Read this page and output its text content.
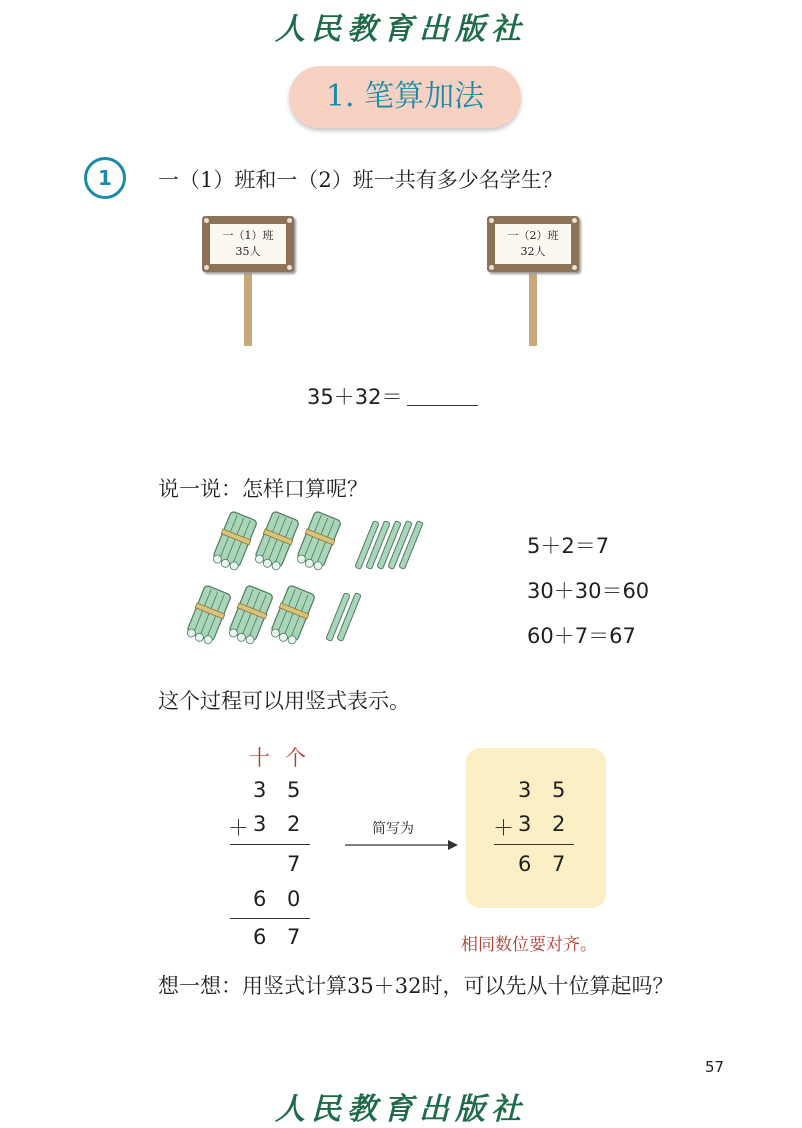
人民教育出版社
1. 笔算加法
1	一（1）班和一（2）班一共有多少名学生？
一（1）班
35人
一（2）班
32人
35＋32＝
说一说：怎样口算呢？
5＋2＝7
30＋30＝60
60＋7＝67
这个过程可以用竖式表示。
十 个
3 5
＋ 3 2
7
6 0
6 7
简写为
3 5
＋ 3 2
6 7
相同数位要对齐。
想一想：用竖式计算35＋32时，可以先从十位算起吗？
57
人民教育出版社
